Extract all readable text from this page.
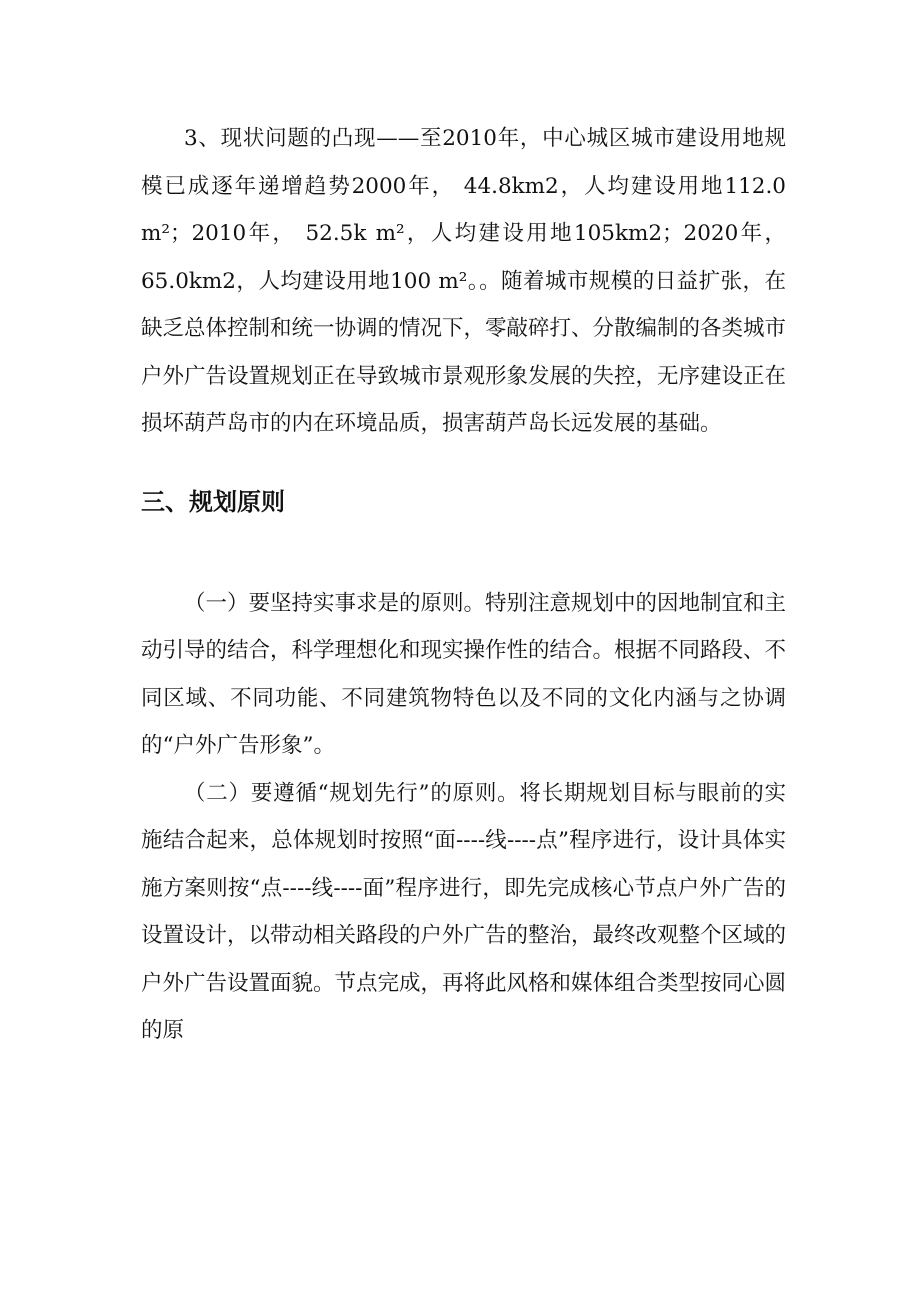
3、现状问题的凸现——至2010年，中心城区城市建设用地规模已成逐年递增趋势2000年， 44.8km2，人均建设用地112.0 m²；2010年， 52.5k m²，人均建设用地105km2；2020年， 65.0km2，人均建设用地100 m²。。随着城市规模的日益扩张，在缺乏总体控制和统一协调的情况下，零敲碎打、分散编制的各类城市户外广告设置规划正在导致城市景观形象发展的失控，无序建设正在损坏葫芦岛市的内在环境品质，损害葫芦岛长远发展的基础。

三、规划原则

（一）要坚持实事求是的原则。特别注意规划中的因地制宜和主动引导的结合，科学理想化和现实操作性的结合。根据不同路段、不同区域、不同功能、不同建筑物特色以及不同的文化内涵与之协调的“户外广告形象”。

（二）要遵循“规划先行”的原则。将长期规划目标与眼前的实施结合起来，总体规划时按照“面----线----点”程序进行，设计具体实施方案则按“点----线----面”程序进行，即先完成核心节点户外广告的设置设计，以带动相关路段的户外广告的整治，最终改观整个区域的户外广告设置面貌。节点完成，再将此风格和媒体组合类型按同心圆的原
